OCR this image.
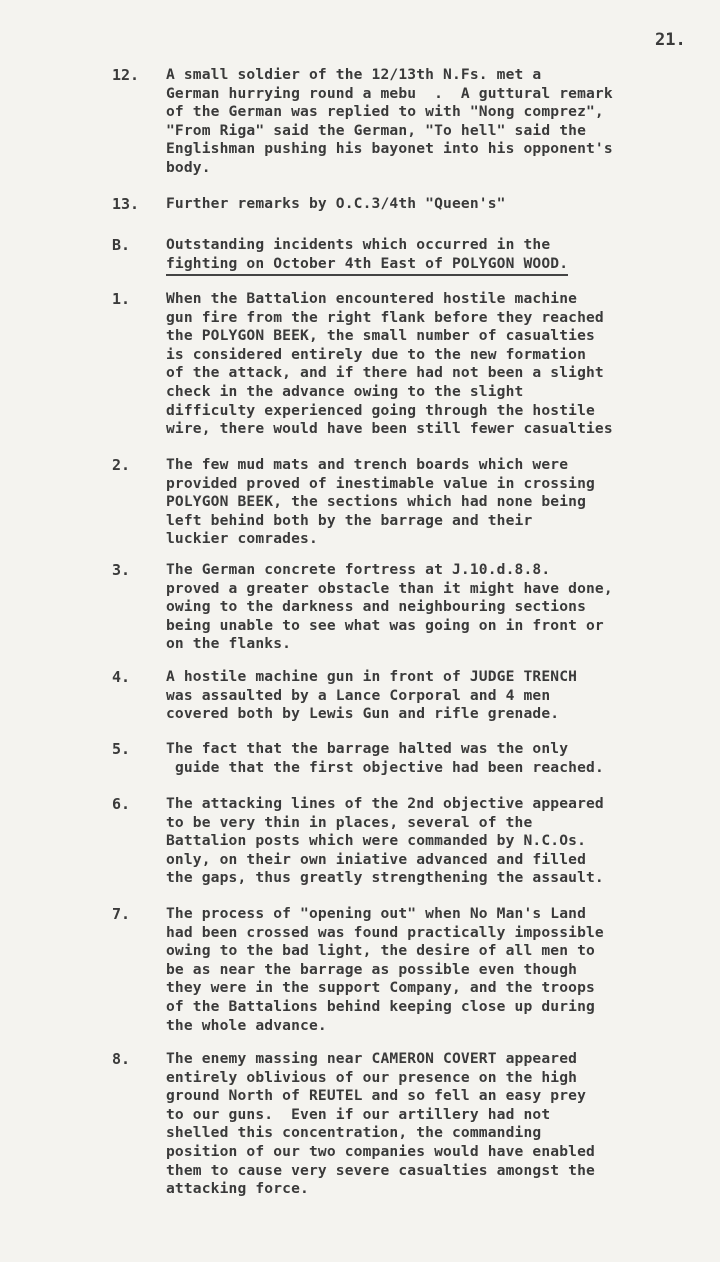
21.
12. A small soldier of the 12/13th N.Fs. met a
German hurrying round a mebu  .  A guttural remark
of the German was replied to with "Nong comprez",
"From Riga" said the German, "To hell" said the
Englishman pushing his bayonet into his opponent's
body.
13. Further remarks by O.C.3/4th "Queen's"
B. Outstanding incidents which occurred in the
fighting on October 4th East of POLYGON WOOD.
1. When the Battalion encountered hostile machine
gun fire from the right flank before they reached
the POLYGON BEEK, the small number of casualties
is considered entirely due to the new formation
of the attack, and if there had not been a slight
check in the advance owing to the slight
difficulty experienced going through the hostile
wire, there would have been still fewer casualties
2. The few mud mats and trench boards which were
provided proved of inestimable value in crossing
POLYGON BEEK, the sections which had none being
left behind both by the barrage and their
luckier comrades.
3. The German concrete fortress at J.10.d.8.8.
proved a greater obstacle than it might have done,
owing to the darkness and neighbouring sections
being unable to see what was going on in front or
on the flanks.
4. A hostile machine gun in front of JUDGE TRENCH
was assaulted by a Lance Corporal and 4 men
covered both by Lewis Gun and rifle grenade.
5. The fact that the barrage halted was the only
guide that the first objective had been reached.
6. The attacking lines of the 2nd objective appeared
to be very thin in places, several of the
Battalion posts which were commanded by N.C.Os.
only, on their own iniative advanced and filled
the gaps, thus greatly strengthening the assault.
7. The process of "opening out" when No Man's Land
had been crossed was found practically impossible
owing to the bad light, the desire of all men to
be as near the barrage as possible even though
they were in the support Company, and the troops
of the Battalions behind keeping close up during
the whole advance.
8. The enemy massing near CAMERON COVERT appeared
entirely oblivious of our presence on the high
ground North of REUTEL and so fell an easy prey
to our guns.  Even if our artillery had not
shelled this concentration, the commanding
position of our two companies would have enabled
them to cause very severe casualties amongst the
attacking force.
